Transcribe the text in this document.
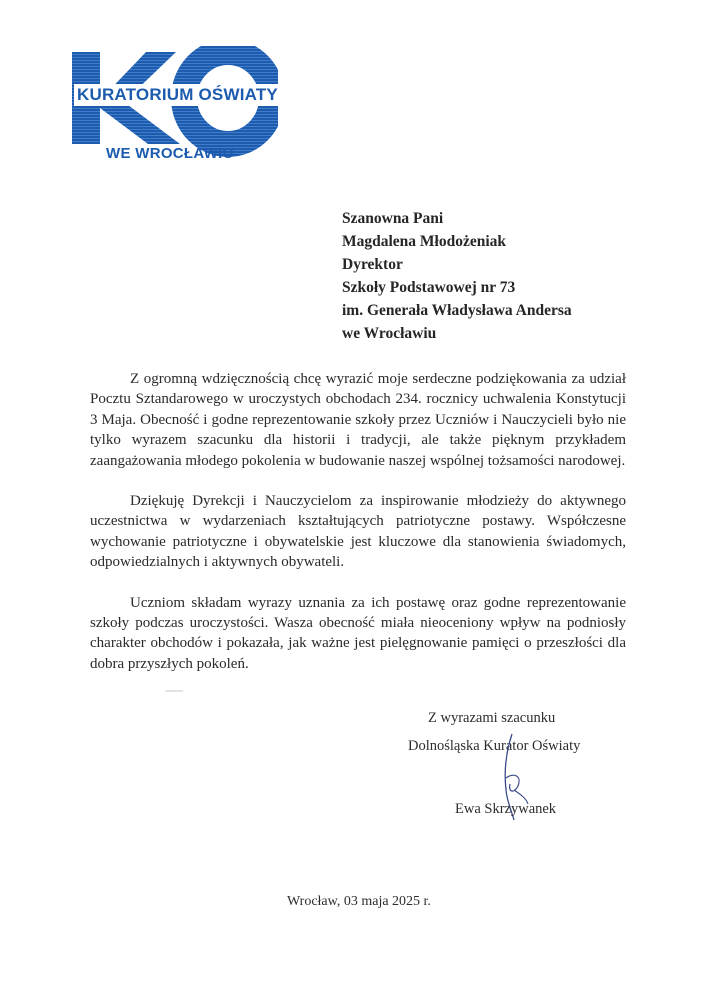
KURATORIUM OŚWIATY
WE WROCŁAWIU
Szanowna Pani
Magdalena Młodożeniak
Dyrektor
Szkoły Podstawowej nr 73
im. Generała Władysława Andersa
we Wrocławiu

Z ogromną wdzięcznością chcę wyrazić moje serdeczne podziękowania za udział Pocztu Sztandarowego w uroczystych obchodach 234. rocznicy uchwalenia Konstytucji 3 Maja. Obecność i godne reprezentowanie szkoły przez Uczniów i Nauczycieli było nie tylko wyrazem szacunku dla historii i tradycji, ale także pięknym przykładem zaangażowania młodego pokolenia w budowanie naszej wspólnej tożsamości narodowej.

Dziękuję Dyrekcji i Nauczycielom za inspirowanie młodzieży do aktywnego uczestnictwa w wydarzeniach kształtujących patriotyczne postawy. Współczesne wychowanie patriotyczne i obywatelskie jest kluczowe dla stanowienia świadomych, odpowiedzialnych i aktywnych obywateli.

Uczniom składam wyrazy uznania za ich postawę oraz godne reprezentowanie szkoły podczas uroczystości. Wasza obecność miała nieoceniony wpływ na podniosły charakter obchodów i pokazała, jak ważne jest pielęgnowanie pamięci o przeszłości dla dobra przyszłych pokoleń.

Z wyrazami szacunku
Dolnośląska Kurator Oświaty
Ewa Skrzywanek
Wrocław, 03 maja 2025 r.
